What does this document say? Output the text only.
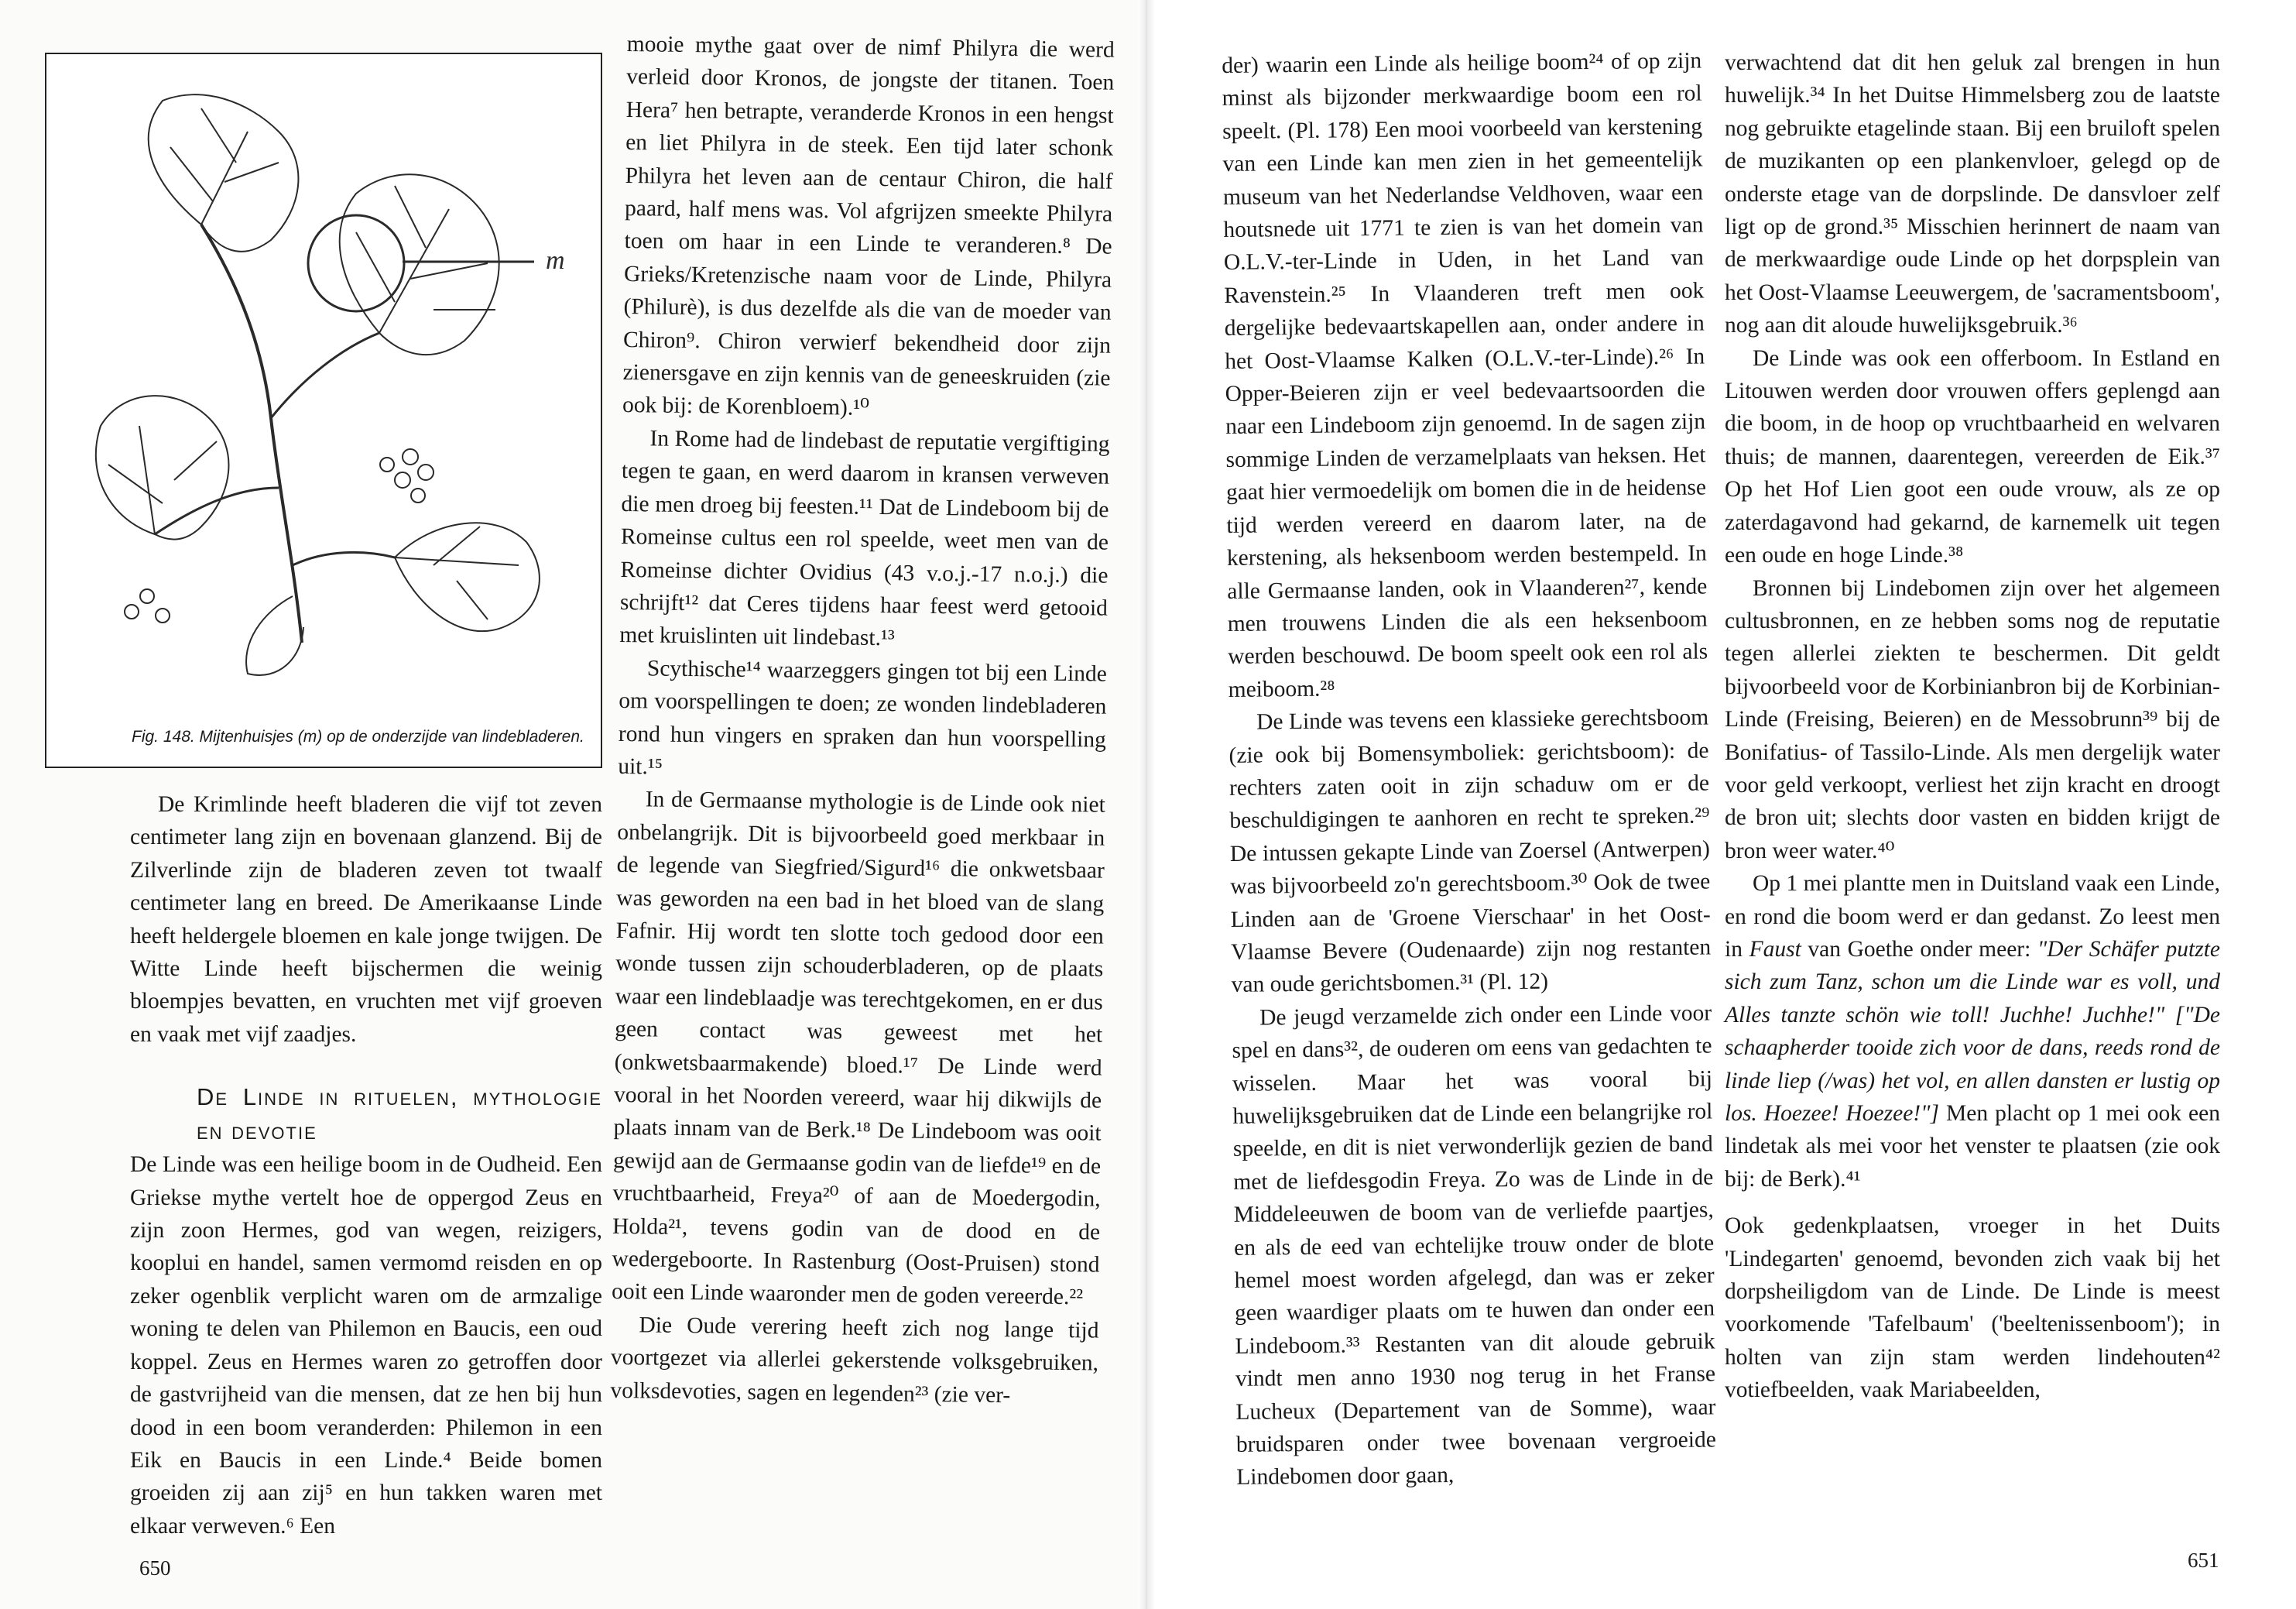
m
Fig. 148. Mijtenhuisjes (m) op de onderzijde van lindebladeren.

De Krimlinde heeft bladeren die vijf tot zeven centimeter lang zijn en bovenaan glanzend. Bij de Zilverlinde zijn de bladeren zeven tot twaalf centimeter lang en breed. De Amerikaanse Linde heeft heldergele bloemen en kale jonge twijgen. De Witte Linde heeft bijschermen die weinig bloempjes bevatten, en vruchten met vijf groeven en vaak met vijf zaadjes.

De Linde in rituelen, mythologie en devotie

De Linde was een heilige boom in de Oudheid. Een Griekse mythe vertelt hoe de oppergod Zeus en zijn zoon Hermes, god van wegen, reizigers, kooplui en handel, samen vermomd reisden en op zeker ogenblik verplicht waren om de armzalige woning te delen van Philemon en Baucis, een oud koppel. Zeus en Hermes waren zo getroffen door de gastvrijheid van die mensen, dat ze hen bij hun dood in een boom veranderden: Philemon in een Eik en Baucis in een Linde.⁴ Beide bomen groeiden zij aan zij⁵ en hun takken waren met elkaar verweven.⁶ Een

mooie mythe gaat over de nimf Philyra die werd verleid door Kronos, de jongste der titanen. Toen Hera⁷ hen betrapte, veranderde Kronos in een hengst en liet Philyra in de steek. Een tijd later schonk Philyra het leven aan de centaur Chiron, die half paard, half mens was. Vol afgrijzen smeekte Philyra toen om haar in een Linde te veranderen.⁸ De Grieks/Kretenzische naam voor de Linde, Philyra (Philurè), is dus dezelfde als die van de moeder van Chiron⁹. Chiron verwierf bekendheid door zijn zienersgave en zijn kennis van de geneeskruiden (zie ook bij: de Korenbloem).¹⁰

In Rome had de lindebast de reputatie vergiftiging tegen te gaan, en werd daarom in kransen verweven die men droeg bij feesten.¹¹ Dat de Lindeboom bij de Romeinse cultus een rol speelde, weet men van de Romeinse dichter Ovidius (43 v.o.j.-17 n.o.j.) die schrijft¹² dat Ceres tijdens haar feest werd getooid met kruislinten uit lindebast.¹³

Scythische¹⁴ waarzeggers gingen tot bij een Linde om voorspellingen te doen; ze wonden lindebladeren rond hun vingers en spraken dan hun voorspelling uit.¹⁵

In de Germaanse mythologie is de Linde ook niet onbelangrijk. Dit is bijvoorbeeld goed merkbaar in de legende van Siegfried/Sigurd¹⁶ die onkwetsbaar was geworden na een bad in het bloed van de slang Fafnir. Hij wordt ten slotte toch gedood door een wonde tussen zijn schouderbladeren, op de plaats waar een lindeblaadje was terechtgekomen, en er dus geen contact was geweest met het (onkwetsbaarmakende) bloed.¹⁷ De Linde werd vooral in het Noorden vereerd, waar hij dikwijls de plaats innam van de Berk.¹⁸ De Lindeboom was ooit gewijd aan de Germaanse godin van de liefde¹⁹ en de vruchtbaarheid, Freya²⁰ of aan de Moedergodin, Holda²¹, tevens godin van de dood en de wedergeboorte. In Rastenburg (Oost-Pruisen) stond ooit een Linde waaronder men de goden vereerde.²²

Die Oude verering heeft zich nog lange tijd voortgezet via allerlei gekerstende volksgebruiken, volksdevoties, sagen en legenden²³ (zie ver-

650

der) waarin een Linde als heilige boom²⁴ of op zijn minst als bijzonder merkwaardige boom een rol speelt. (Pl. 178) Een mooi voorbeeld van kerstening van een Linde kan men zien in het gemeentelijk museum van het Nederlandse Veldhoven, waar een houtsnede uit 1771 te zien is van het domein van O.L.V.-ter-Linde in Uden, in het Land van Ravenstein.²⁵ In Vlaanderen treft men ook dergelijke bedevaartskapellen aan, onder andere in het Oost-Vlaamse Kalken (O.L.V.-ter-Linde).²⁶ In Opper-Beieren zijn er veel bedevaartsoorden die naar een Lindeboom zijn genoemd. In de sagen zijn sommige Linden de verzamelplaats van heksen. Het gaat hier vermoedelijk om bomen die in de heidense tijd werden vereerd en daarom later, na de kerstening, als heksenboom werden bestempeld. In alle Germaanse landen, ook in Vlaanderen²⁷, kende men trouwens Linden die als een heksenboom werden beschouwd. De boom speelt ook een rol als meiboom.²⁸

De Linde was tevens een klassieke gerechtsboom (zie ook bij Bomensymboliek: gerichtsboom): de rechters zaten ooit in zijn schaduw om er de beschuldigingen te aanhoren en recht te spreken.²⁹ De intussen gekapte Linde van Zoersel (Antwerpen) was bijvoorbeeld zo'n gerechtsboom.³⁰ Ook de twee Linden aan de 'Groene Vierschaar' in het Oost-Vlaamse Bevere (Oudenaarde) zijn nog restanten van oude gerichtsbomen.³¹ (Pl. 12)

De jeugd verzamelde zich onder een Linde voor spel en dans³², de ouderen om eens van gedachten te wisselen. Maar het was vooral bij huwelijksgebruiken dat de Linde een belangrijke rol speelde, en dit is niet verwonderlijk gezien de band met de liefdesgodin Freya. Zo was de Linde in de Middeleeuwen de boom van de verliefde paartjes, en als de eed van echtelijke trouw onder de blote hemel moest worden afgelegd, dan was er zeker geen waardiger plaats om te huwen dan onder een Lindeboom.³³ Restanten van dit aloude gebruik vindt men anno 1930 nog terug in het Franse Lucheux (Departement van de Somme), waar bruidsparen onder twee bovenaan vergroeide Lindebomen door gaan,

verwachtend dat dit hen geluk zal brengen in hun huwelijk.³⁴ In het Duitse Himmelsberg zou de laatste nog gebruikte etagelinde staan. Bij een bruiloft spelen de muzikanten op een plankenvloer, gelegd op de onderste etage van de dorpslinde. De dansvloer zelf ligt op de grond.³⁵ Misschien herinnert de naam van de merkwaardige oude Linde op het dorpsplein van het Oost-Vlaamse Leeuwergem, de 'sacramentsboom', nog aan dit aloude huwelijksgebruik.³⁶

De Linde was ook een offerboom. In Estland en Litouwen werden door vrouwen offers geplengd aan die boom, in de hoop op vruchtbaarheid en welvaren thuis; de mannen, daarentegen, vereerden de Eik.³⁷ Op het Hof Lien goot een oude vrouw, als ze op zaterdagavond had gekarnd, de karnemelk uit tegen een oude en hoge Linde.³⁸

Bronnen bij Lindebomen zijn over het algemeen cultusbronnen, en ze hebben soms nog de reputatie tegen allerlei ziekten te beschermen. Dit geldt bijvoorbeeld voor de Korbinianbron bij de Korbinian-Linde (Freising, Beieren) en de Messobrunn³⁹ bij de Bonifatius- of Tassilo-Linde. Als men dergelijk water voor geld verkoopt, verliest het zijn kracht en droogt de bron uit; slechts door vasten en bidden krijgt de bron weer water.⁴⁰

Op 1 mei plantte men in Duitsland vaak een Linde, en rond die boom werd er dan gedanst. Zo leest men in Faust van Goethe onder meer: "Der Schäfer putzte sich zum Tanz, schon um die Linde war es voll, und Alles tanzte schön wie toll! Juchhe! Juchhe!" ["De schaapherder tooide zich voor de dans, reeds rond de linde liep (/was) het vol, en allen dansten er lustig op los. Hoezee! Hoezee!"] Men placht op 1 mei ook een lindetak als mei voor het venster te plaatsen (zie ook bij: de Berk).⁴¹

Ook gedenkplaatsen, vroeger in het Duits 'Lindegarten' genoemd, bevonden zich vaak bij het dorpsheiligdom van de Linde. De Linde is meest voorkomende 'Tafelbaum' ('beeltenissenboom'); in holten van zijn stam werden lindehouten⁴² votiefbeelden, vaak Mariabeelden,

651
